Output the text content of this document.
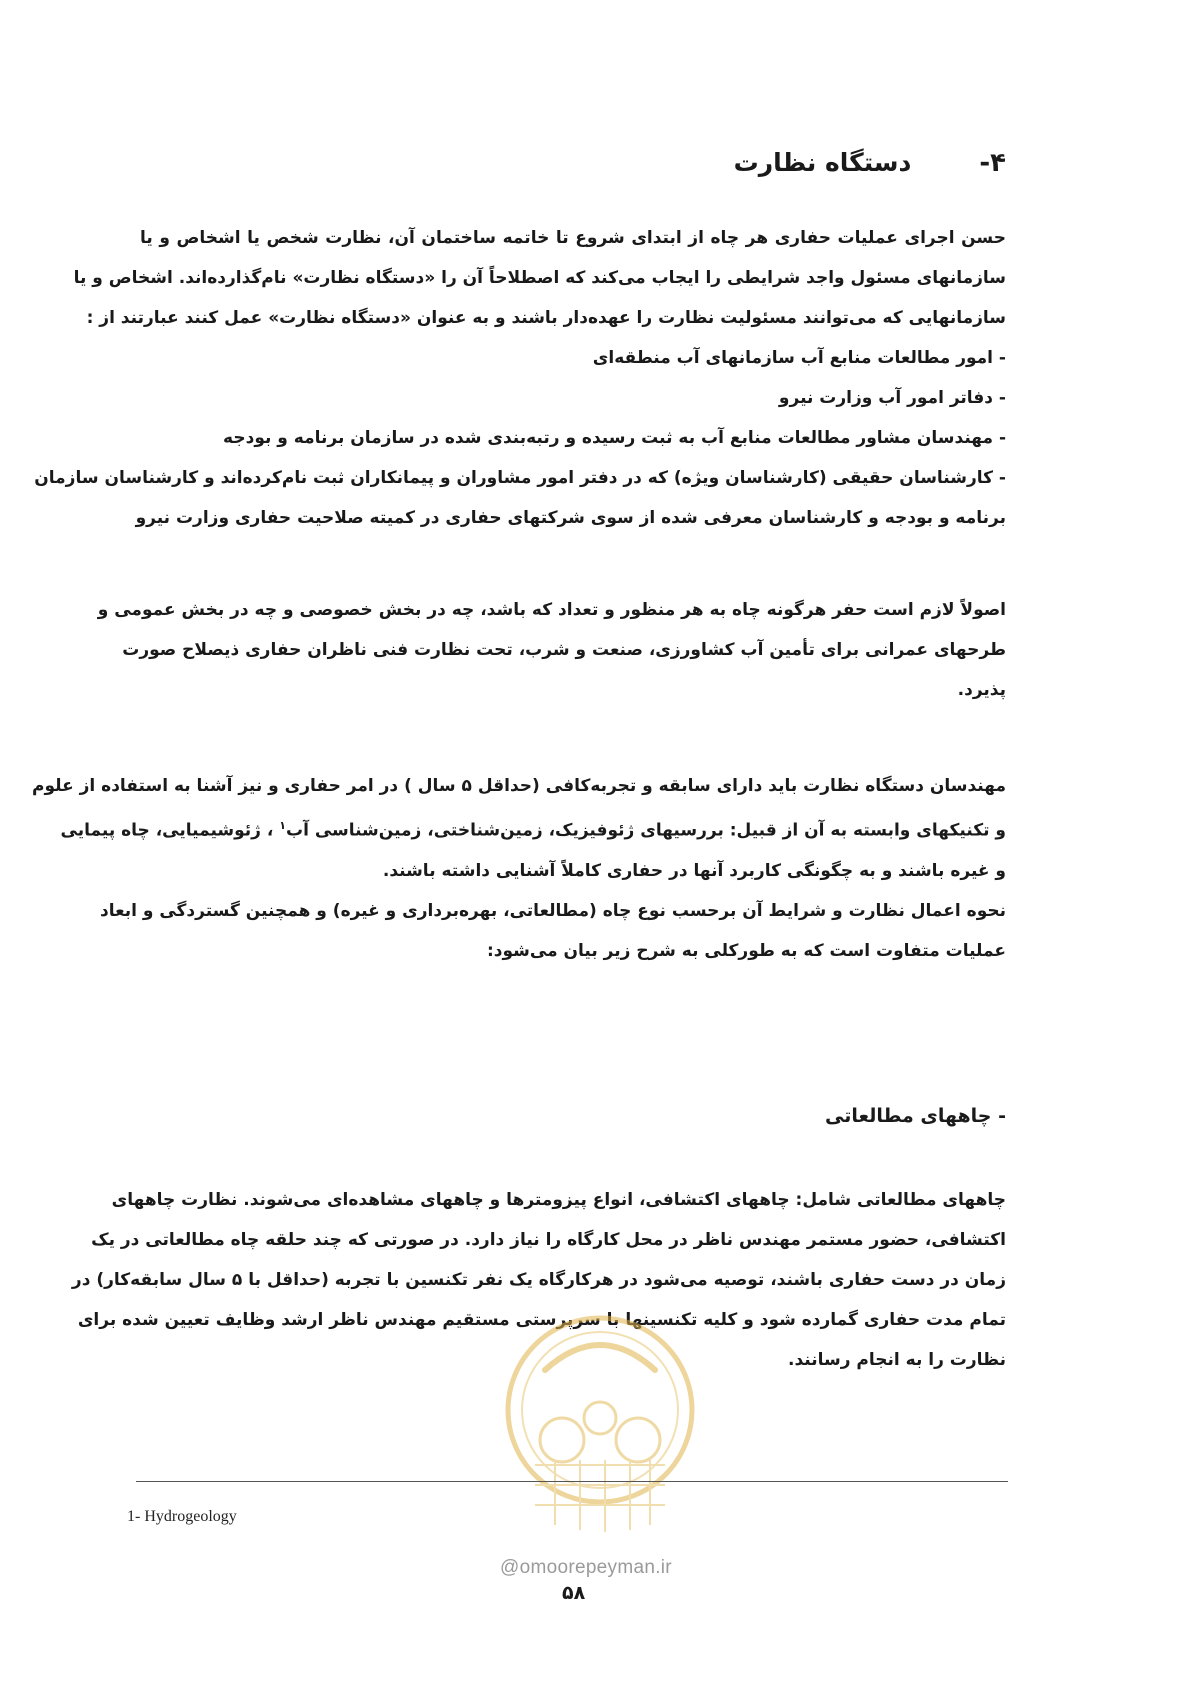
۴-
دستگاه نظارت

حسن اجرای عملیات حفاری هر چاه از ابتدای شروع تا خاتمه ساختمان آن، نظارت شخص یا اشخاص و یا
سازمانهای مسئول واجد شرایطی را ایجاب می‌کند که اصطلاحاً آن را «دستگاه نظارت» نام‌گذارده‌اند. اشخاص و یا
سازمانهایی که می‌توانند مسئولیت نظارت را عهده‌دار باشند و به عنوان «دستگاه نظارت» عمل کنند عبارتند از :

- امور مطالعات منابع آب سازمانهای آب منطقه‌ای
- دفاتر امور آب وزارت نیرو
- مهندسان مشاور مطالعات منابع آب به ثبت رسیده و رتبه‌بندی شده در سازمان برنامه و بودجه
- کارشناسان حقیقی (کارشناسان ویژه) که در دفتر امور مشاوران و پیمانکاران ثبت نام‌کرده‌اند و کارشناسان سازمان
برنامه و بودجه و کارشناسان معرفی شده از سوی شرکتهای حفاری در کمیته صلاحیت حفاری وزارت نیرو

اصولاً لازم است حفر هرگونه چاه به هر منظور و تعداد که باشد، چه در بخش خصوصی و چه در بخش عمومی و
طرحهای عمرانی برای تأمین آب کشاورزی، صنعت و شرب، تحت نظارت فنی ناظران حفاری ذیصلاح صورت
پذیرد.

مهندسان دستگاه نظارت باید دارای سابقه و تجربه‌کافی (حداقل ۵ سال ) در امر حفاری و نیز آشنا به استفاده از علوم
و تکنیکهای وابسته به آن از قبیل: بررسیهای ژئوفیزیک، زمین‌شناختی، زمین‌شناسی آب$^۱$ ، ژئوشیمیایی، چاه پیمایی
و غیره باشند و به چگونگی کاربرد آنها در حفاری کاملاً آشنایی داشته باشند.
نحوه اعمال نظارت و شرایط آن برحسب نوع چاه (مطالعاتی، بهره‌برداری و غیره) و همچنین گستردگی و ابعاد
عملیات متفاوت است که به طورکلی به شرح زیر بیان می‌شود:

- چاههای مطالعاتی

چاههای مطالعاتی شامل: چاههای اکتشافی، انواع پیزومترها و چاههای مشاهده‌ای می‌شوند. نظارت چاههای
اکتشافی، حضور مستمر مهندس ناظر در محل کارگاه را نیاز دارد. در صورتی که چند حلقه چاه مطالعاتی در یک
زمان در دست حفاری باشند، توصیه می‌شود در هرکارگاه یک نفر تکنسین با تجربه (حداقل با ۵ سال سابقه‌کار) در
تمام مدت حفاری گمارده شود و کلیه تکنسینها با سرپرستی مستقیم مهندس ناظر ارشد وظایف تعیین شده برای
نظارت را به انجام رسانند.

1- Hydrogeology
@omoorepeyman.ir
۵۸
